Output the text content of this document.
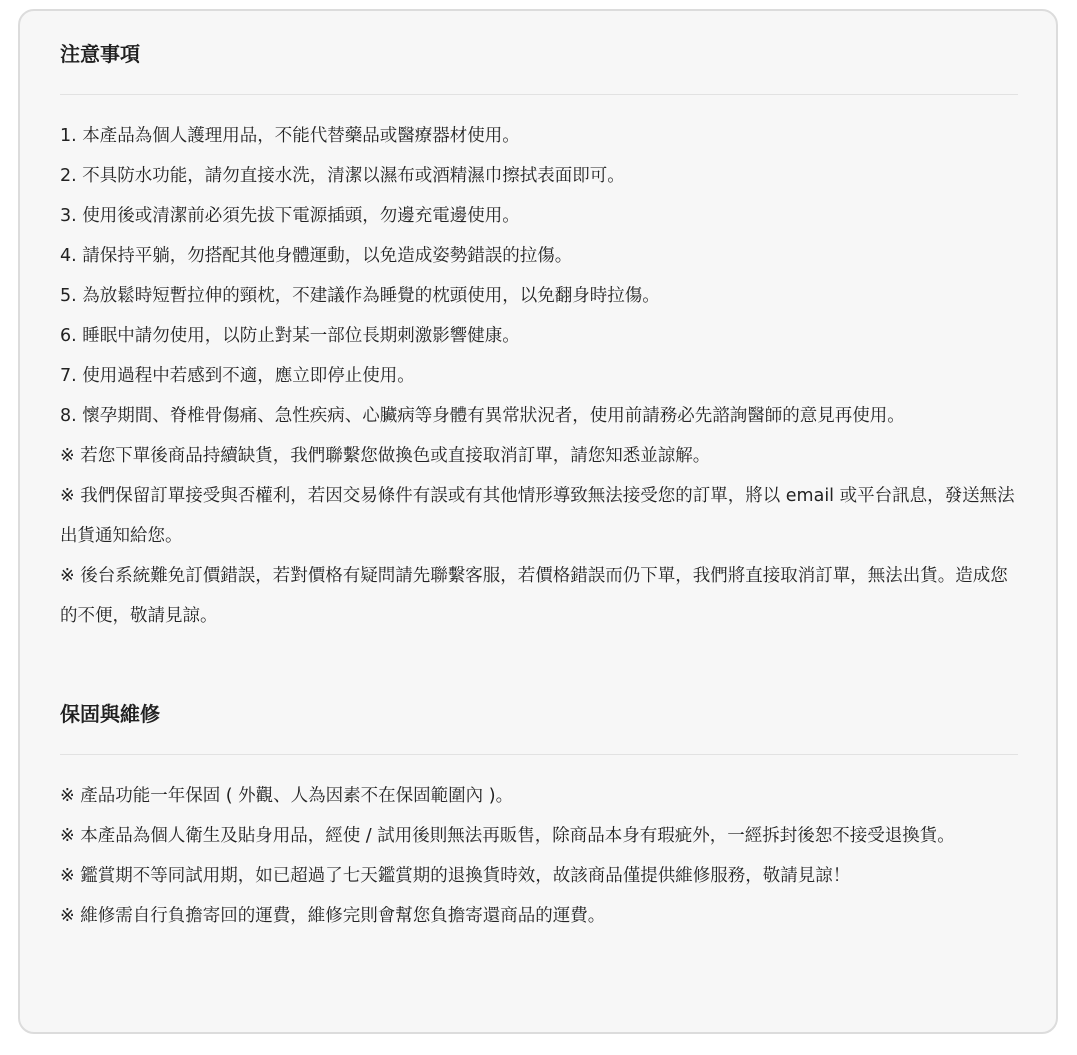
注意事項
1. 本產品為個人護理用品，不能代替藥品或醫療器材使用。
2. 不具防水功能，請勿直接水洗，清潔以濕布或酒精濕巾擦拭表面即可。
3. 使用後或清潔前必須先拔下電源插頭，勿邊充電邊使用。
4. 請保持平躺，勿搭配其他身體運動，以免造成姿勢錯誤的拉傷。
5. 為放鬆時短暫拉伸的頸枕，不建議作為睡覺的枕頭使用，以免翻身時拉傷。
6. 睡眠中請勿使用，以防止對某一部位長期刺激影響健康。
7. 使用過程中若感到不適，應立即停止使用。
8. 懷孕期間、脊椎骨傷痛、急性疾病、心臟病等身體有異常狀況者，使用前請務必先諮詢醫師的意見再使用。
※ 若您下單後商品持續缺貨，我們聯繫您做換色或直接取消訂單，請您知悉並諒解。
※ 我們保留訂單接受與否權利，若因交易條件有誤或有其他情形導致無法接受您的訂單，將以 email 或平台訊息，發送無法出貨通知給您。
※ 後台系統難免訂價錯誤，若對價格有疑問請先聯繫客服，若價格錯誤而仍下單，我們將直接取消訂單，無法出貨。造成您的不便，敬請見諒。
保固與維修
※ 產品功能一年保固 ( 外觀、人為因素不在保固範圍內 )。
※ 本產品為個人衛生及貼身用品，經使 / 試用後則無法再販售，除商品本身有瑕疵外，一經拆封後恕不接受退換貨。
※ 鑑賞期不等同試用期，如已超過了七天鑑賞期的退換貨時效，故該商品僅提供維修服務，敬請見諒！
※ 維修需自行負擔寄回的運費，維修完則會幫您負擔寄還商品的運費。
